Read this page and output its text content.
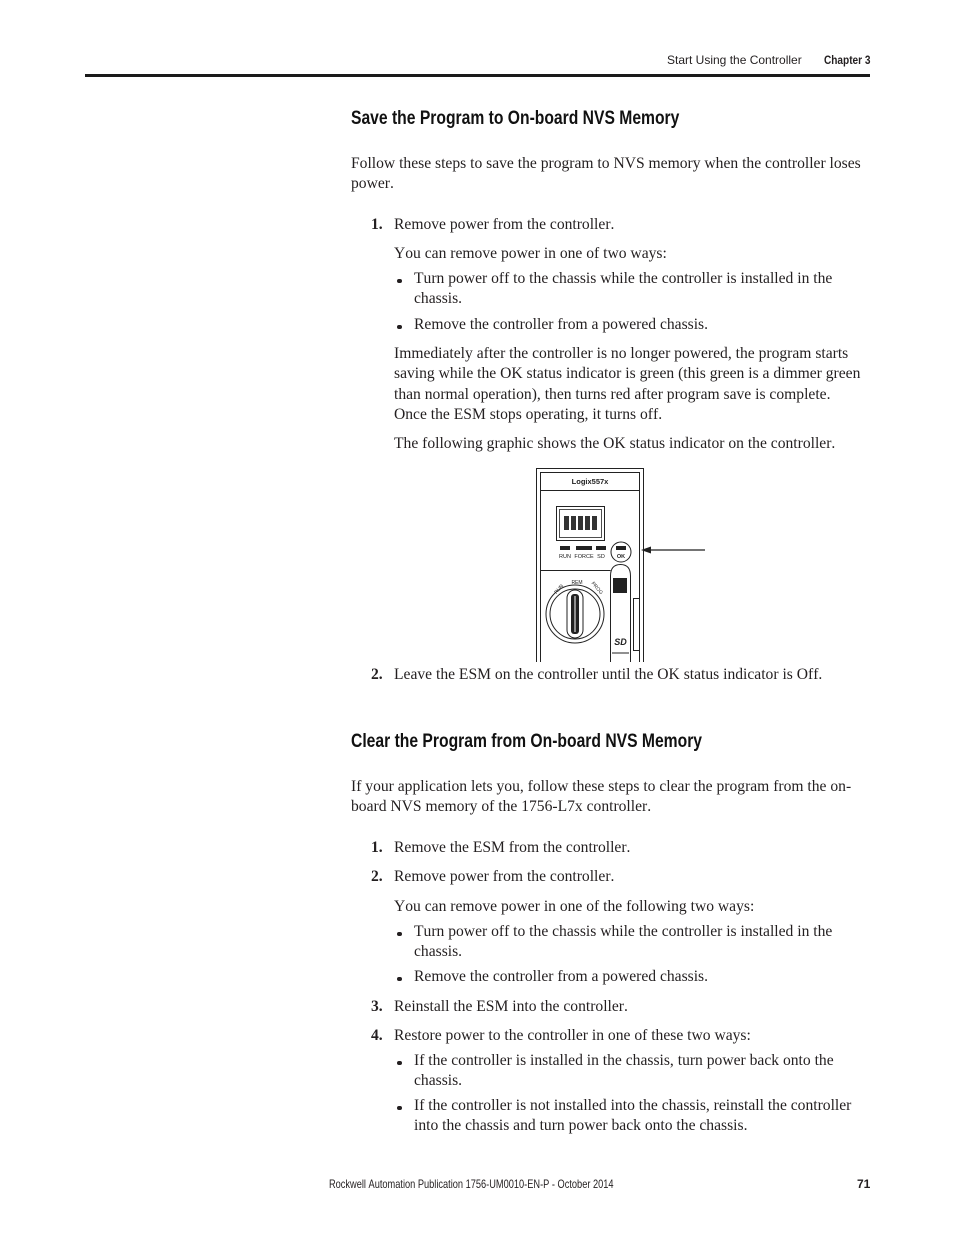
Start Using the Controller Chapter 3
Save the Program to On-board NVS Memory

Follow these steps to save the program to NVS memory when the controller loses power.

1. Remove power from the controller.

You can remove power in one of two ways:

Turn power off to the chassis while the controller is installed in the chassis.

Remove the controller from a powered chassis.

Immediately after the controller is no longer powered, the program starts saving while the OK status indicator is green (this green is a dimmer green than normal operation), then turns red after program save is complete. Once the ESM stops operating, it turns off.

The following graphic shows the OK status indicator on the controller.

Logix557x
RUN FORCE SD OK
SD
RUN
REM PROG
2. Leave the ESM on the controller until the OK status indicator is Off.

Clear the Program from On-board NVS Memory

If your application lets you, follow these steps to clear the program from the on-board NVS memory of the 1756-L7x controller.

1. Remove the ESM from the controller.

2. Remove power from the controller.

You can remove power in one of the following two ways:

Turn power off to the chassis while the controller is installed in the chassis.

Remove the controller from a powered chassis.

3. Reinstall the ESM into the controller.

4. Restore power to the controller in one of these two ways:

If the controller is installed in the chassis, turn power back onto the chassis.

If the controller is not installed into the chassis, reinstall the controller into the chassis and turn power back onto the chassis.

Rockwell Automation Publication 1756-UM0010-EN-P - October 2014	71
